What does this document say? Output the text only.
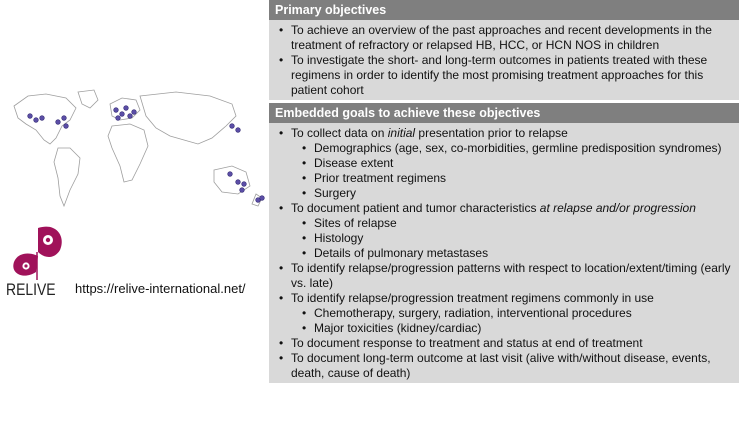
RELIVE https://relive-international.net/
Primary objectives
• To achieve an overview of the past approaches and recent developments in the treatment of refractory or relapsed HB, HCC, or HCN NOS in children
• To investigate the short- and long-term outcomes in patients treated with these regimens in order to identify the most promising treatment approaches for this patient cohort
Embedded goals to achieve these objectives
• To collect data on initial presentation prior to relapse
• Demographics (age, sex, co-morbidities, germline predisposition syndromes)
• Disease extent
• Prior treatment regimens
• Surgery
• To document patient and tumor characteristics at relapse and/or progression
• Sites of relapse
• Histology
• Details of pulmonary metastases
• To identify relapse/progression patterns with respect to location/extent/timing (early vs. late)
• To identify relapse/progression treatment regimens commonly in use
• Chemotherapy, surgery, radiation, interventional procedures
• Major toxicities (kidney/cardiac)
• To document response to treatment and status at end of treatment
• To document long-term outcome at last visit (alive with/without disease, events, death, cause of death)
